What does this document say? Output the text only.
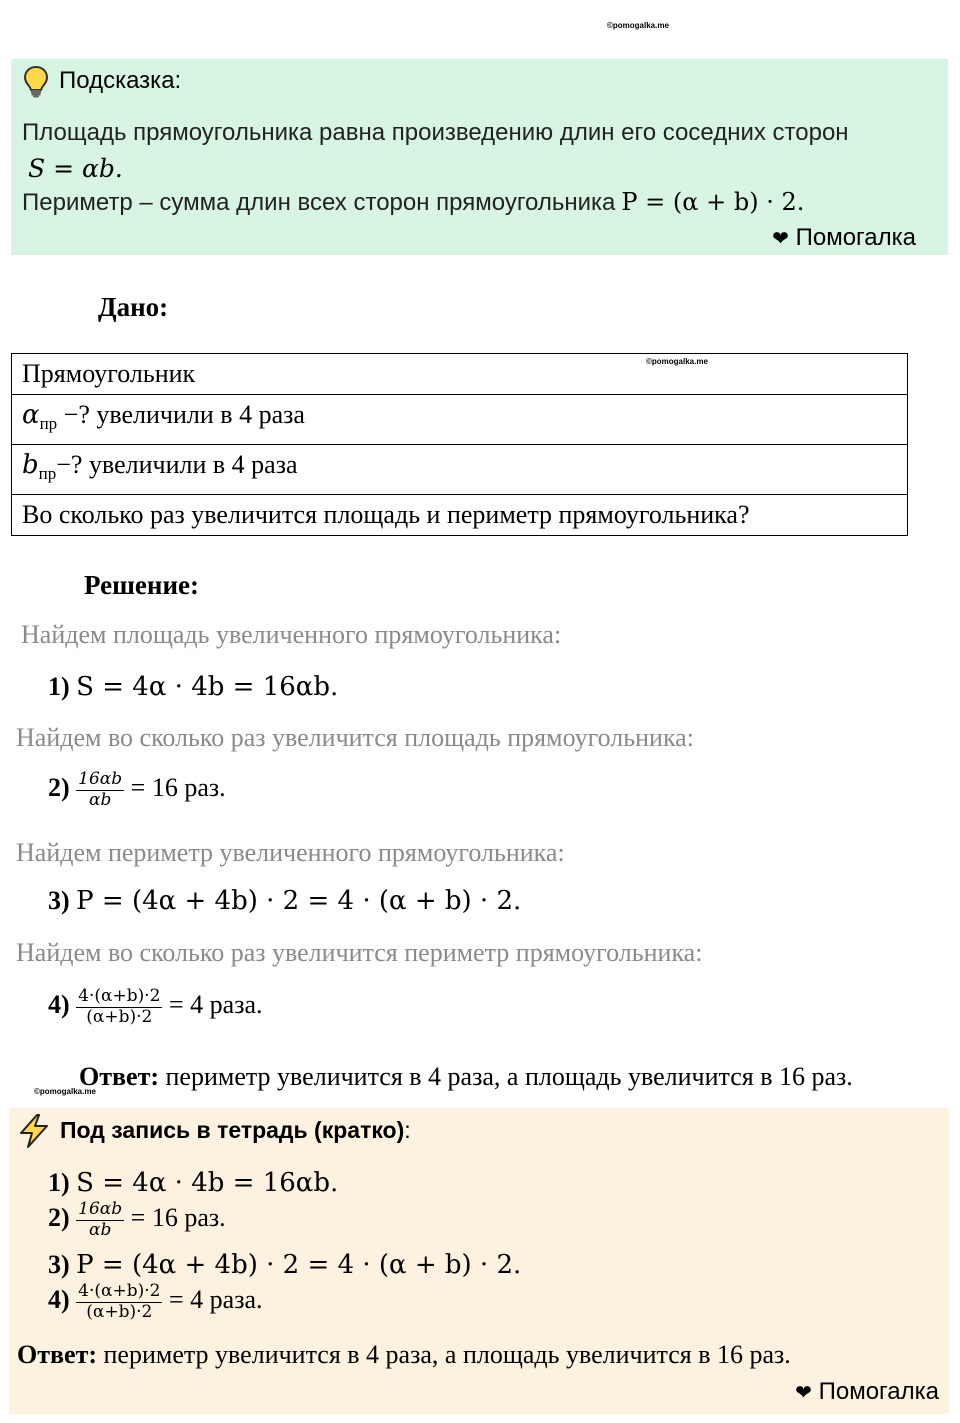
©pomogalka.me
Подсказка:
Площадь прямоугольника равна произведению длин его соседних сторон
S = αb.
Периметр – сумма длин всех сторон прямоугольника P = (α + b) · 2.
❤ Помогалка
Дано:
Прямоугольник
$\alpha_{пр}$ −? увеличили в 4 раза
$b_{пр}-$? увеличили в 4 раза
Во сколько раз увеличится площадь и периметр прямоугольника?
©pomogalka.me
Решение:
Найдем площадь увеличенного прямоугольника:
1) S = 4α · 4b = 16αb.
Найдем во сколько раз увеличится площадь прямоугольника:
$2) \frac{16\alpha b}{\alpha b} = 16$ раз.
Найдем периметр увеличенного прямоугольника:
3) P = (4α + 4b) · 2 = 4 · (α + b) · 2.
Найдем во сколько раз увеличится периметр прямоугольника:
$4) \frac{4\cdot(\alpha+b)\cdot 2}{(\alpha+b)\cdot 2} = 4$ раза.
Ответ: периметр увеличится в 4 раза, а площадь увеличится в 16 раз.
©pomogalka.me
Под запись в тетрадь (кратко):
1) S = 4α · 4b = 16αb.
$2) \frac{16\alpha b}{\alpha b} = 16$ раз.
3) P = (4α + 4b) · 2 = 4 · (α + b) · 2.
$4) \frac{4\cdot(\alpha+b)\cdot 2}{(\alpha+b)\cdot 2} = 4$ раза.
Ответ: периметр увеличится в 4 раза, а площадь увеличится в 16 раз.
❤ Помогалка
